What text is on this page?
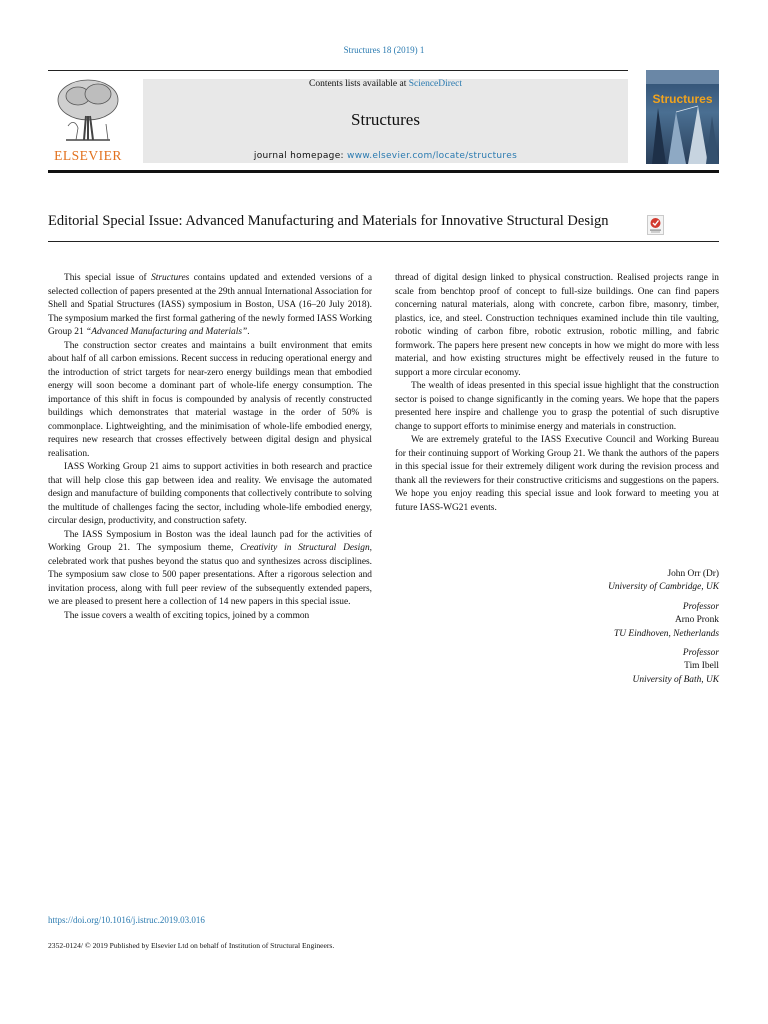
Structures 18 (2019) 1
ELSEVIER
Contents lists available at ScienceDirect
Structures
journal homepage: www.elsevier.com/locate/structures
Structures
Editorial Special Issue: Advanced Manufacturing and Materials for Innovative Structural Design

This special issue of Structures contains updated and extended versions of a selected collection of papers presented at the 29th annual International Association for Shell and Spatial Structures (IASS) symposium in Boston, USA (16–20 July 2018). The symposium marked the first formal gathering of the newly formed IASS Working Group 21 “Advanced Manufacturing and Materials”.

The construction sector creates and maintains a built environment that emits about half of all carbon emissions. Recent success in reducing operational energy and the introduction of strict targets for near-zero energy buildings mean that embodied energy will soon become a dominant part of whole-life energy consumption. The importance of this shift in focus is compounded by analysis of recently constructed buildings which demonstrates that material wastage in the order of 50% is commonplace. Lightweighting, and the minimisation of whole-life embodied energy, requires new research that crosses effectively between digital design and physical realisation.

IASS Working Group 21 aims to support activities in both research and practice that will help close this gap between idea and reality. We envisage the automated design and manufacture of building components that collectively contribute to solving the multitude of challenges facing the sector, including whole-life embodied energy, circular design, productivity, and construction safety.

The IASS Symposium in Boston was the ideal launch pad for the activities of Working Group 21. The symposium theme, Creativity in Structural Design, celebrated work that pushes beyond the status quo and synthesizes across disciplines. The symposium saw close to 500 paper presentations. After a rigorous selection and invitation process, along with full peer review of the subsequently extended papers, we are pleased to present here a collection of 14 new papers in this special issue.

The issue covers a wealth of exciting topics, joined by a common

thread of digital design linked to physical construction. Realised projects range in scale from benchtop proof of concept to full-size buildings. One can find papers concerning natural materials, along with concrete, carbon fibre, masonry, timber, plastics, ice, and steel. Construction techniques examined include thin tile vaulting, robotic winding of carbon fibre, robotic extrusion, robotic milling, and fabric formwork. The papers here present new concepts in how we might do more with less material, and how existing structures might be effectively reused in the future to support a more circular economy.

The wealth of ideas presented in this special issue highlight that the construction sector is poised to change significantly in the coming years. We hope that the papers presented here inspire and challenge you to grasp the potential of such disruptive change to support efforts to minimise energy and materials in construction.

We are extremely grateful to the IASS Executive Council and Working Bureau for their continuing support of Working Group 21. We thank the authors of the papers in this special issue for their extremely diligent work during the revision process and thank all the reviewers for their constructive criticisms and suggestions on the papers. We hope you enjoy reading this special issue and look forward to meeting you at future IASS-WG21 events.

John Orr (Dr)
University of Cambridge, UK
Professor
Arno Pronk
TU Eindhoven, Netherlands
Professor
Tim Ibell
University of Bath, UK
https://doi.org/10.1016/j.istruc.2019.03.016
2352-0124/ © 2019 Published by Elsevier Ltd on behalf of Institution of Structural Engineers.
